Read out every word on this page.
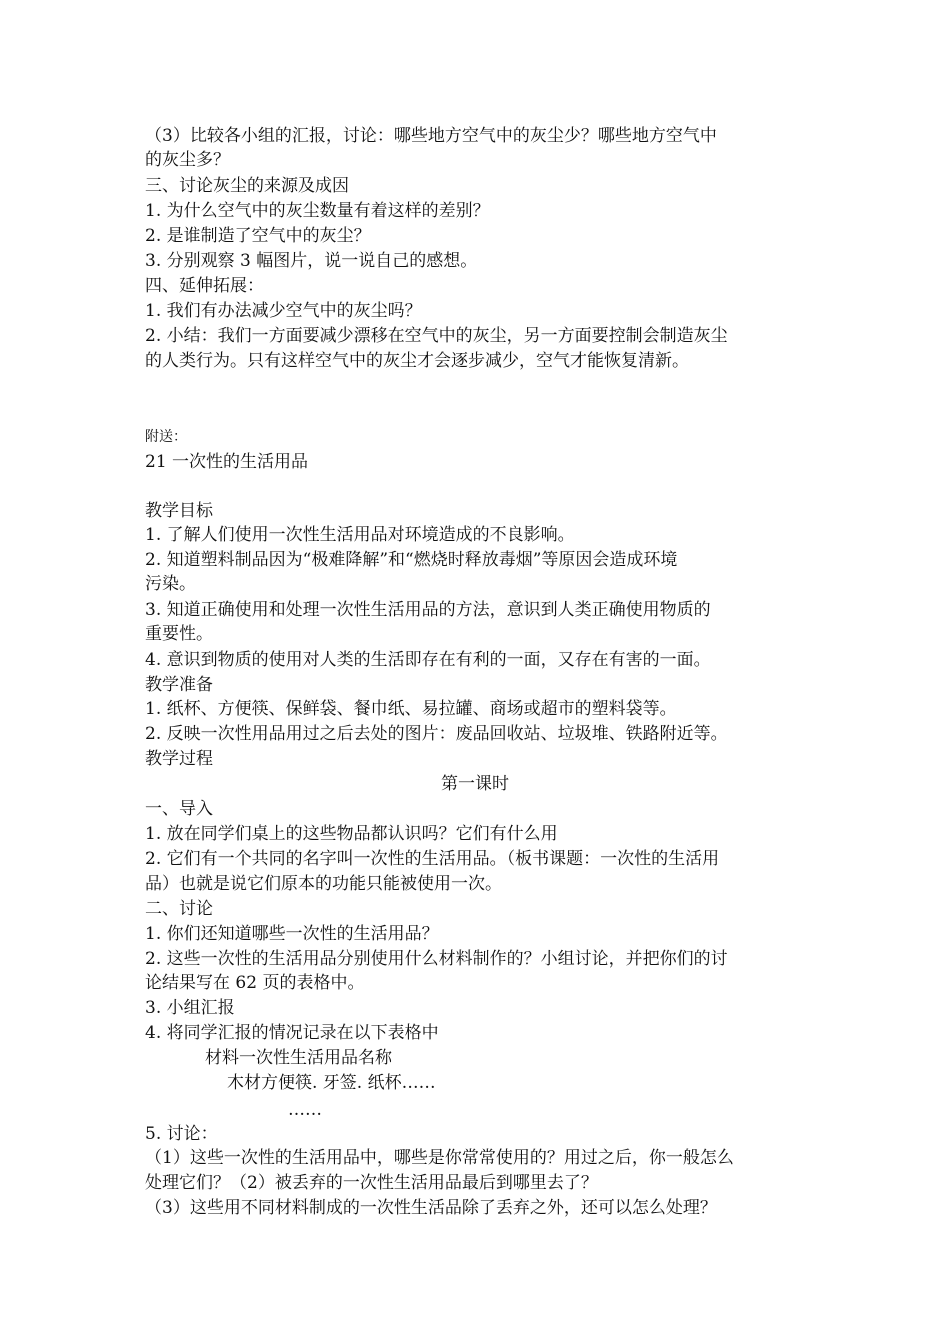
（3）比较各小组的汇报，讨论：哪些地方空气中的灰尘少？哪些地方空气中
的灰尘多？
三、讨论灰尘的来源及成因
1. 为什么空气中的灰尘数量有着这样的差别？
2. 是谁制造了空气中的灰尘？
3. 分别观察 3 幅图片，说一说自己的感想。
四、延伸拓展：
1. 我们有办法减少空气中的灰尘吗？
2. 小结：我们一方面要减少漂移在空气中的灰尘，另一方面要控制会制造灰尘
的人类行为。只有这样空气中的灰尘才会逐步减少，空气才能恢复清新。
附送：
21 一次性的生活用品
教学目标
1. 了解人们使用一次性生活用品对环境造成的不良影响。
2. 知道塑料制品因为“极难降解”和“燃烧时释放毒烟”等原因会造成环境
污染。
3. 知道正确使用和处理一次性生活用品的方法，意识到人类正确使用物质的
重要性。
4. 意识到物质的使用对人类的生活即存在有利的一面，又存在有害的一面。
教学准备
1. 纸杯、方便筷、保鲜袋、餐巾纸、易拉罐、商场或超市的塑料袋等。
2. 反映一次性用品用过之后去处的图片：废品回收站、垃圾堆、铁路附近等。
教学过程
第一课时
一、导入
1. 放在同学们桌上的这些物品都认识吗？它们有什么用
2. 它们有一个共同的名字叫一次性的生活用品。（板书课题：一次性的生活用
品）也就是说它们原本的功能只能被使用一次。
二、讨论
1. 你们还知道哪些一次性的生活用品？
2. 这些一次性的生活用品分别使用什么材料制作的？小组讨论，并把你们的讨
论结果写在 62 页的表格中。
3. 小组汇报
4. 将同学汇报的情况记录在以下表格中
材料一次性生活用品名称
木材方便筷. 牙签. 纸杯……
……
5. 讨论：
（1）这些一次性的生活用品中，哪些是你常常使用的？用过之后，你一般怎么
处理它们？（2）被丢弃的一次性生活用品最后到哪里去了？
（3）这些用不同材料制成的一次性生活品除了丢弃之外，还可以怎么处理？
